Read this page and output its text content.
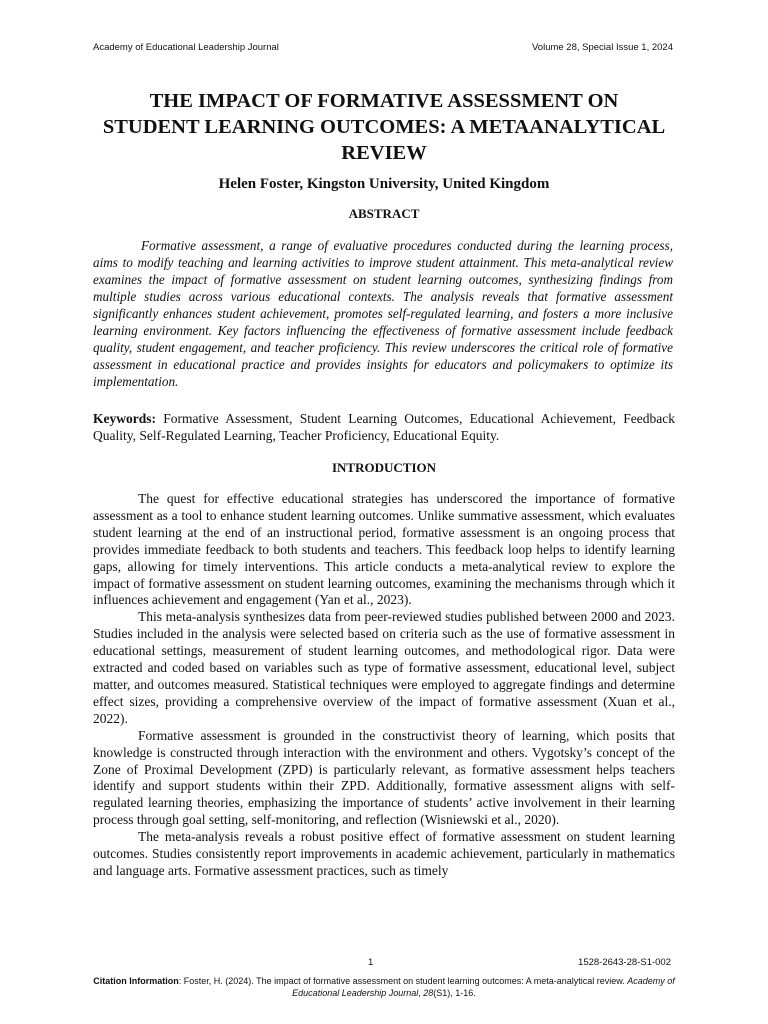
Academy of Educational Leadership Journal	Volume 28, Special Issue 1, 2024
THE IMPACT OF FORMATIVE ASSESSMENT ON STUDENT LEARNING OUTCOMES: A METAANALYTICAL REVIEW
Helen Foster, Kingston University, United Kingdom
ABSTRACT

Formative assessment, a range of evaluative procedures conducted during the learning process, aims to modify teaching and learning activities to improve student attainment. This meta-analytical review examines the impact of formative assessment on student learning outcomes, synthesizing findings from multiple studies across various educational contexts. The analysis reveals that formative assessment significantly enhances student achievement, promotes self-regulated learning, and fosters a more inclusive learning environment. Key factors influencing the effectiveness of formative assessment include feedback quality, student engagement, and teacher proficiency. This review underscores the critical role of formative assessment in educational practice and provides insights for educators and policymakers to optimize its implementation.

Keywords: Formative Assessment, Student Learning Outcomes, Educational Achievement, Feedback Quality, Self-Regulated Learning, Teacher Proficiency, Educational Equity.

INTRODUCTION

The quest for effective educational strategies has underscored the importance of formative assessment as a tool to enhance student learning outcomes. Unlike summative assessment, which evaluates student learning at the end of an instructional period, formative assessment is an ongoing process that provides immediate feedback to both students and teachers. This feedback loop helps to identify learning gaps, allowing for timely interventions. This article conducts a meta-analytical review to explore the impact of formative assessment on student learning outcomes, examining the mechanisms through which it influences achievement and engagement (Yan et al., 2023).

This meta-analysis synthesizes data from peer-reviewed studies published between 2000 and 2023. Studies included in the analysis were selected based on criteria such as the use of formative assessment in educational settings, measurement of student learning outcomes, and methodological rigor. Data were extracted and coded based on variables such as type of formative assessment, educational level, subject matter, and outcomes measured. Statistical techniques were employed to aggregate findings and determine effect sizes, providing a comprehensive overview of the impact of formative assessment (Xuan et al., 2022).

Formative assessment is grounded in the constructivist theory of learning, which posits that knowledge is constructed through interaction with the environment and others. Vygotsky’s concept of the Zone of Proximal Development (ZPD) is particularly relevant, as formative assessment helps teachers identify and support students within their ZPD. Additionally, formative assessment aligns with self-regulated learning theories, emphasizing the importance of students’ active involvement in their learning process through goal setting, self-monitoring, and reflection (Wisniewski et al., 2020).

The meta-analysis reveals a robust positive effect of formative assessment on student learning outcomes. Studies consistently report improvements in academic achievement, particularly in mathematics and language arts. Formative assessment practices, such as timely

1	1528-2643-28-S1-002
Citation Information: Foster, H. (2024). The impact of formative assessment on student learning outcomes: A meta-analytical review. Academy of Educational Leadership Journal, 28(S1), 1-16.
